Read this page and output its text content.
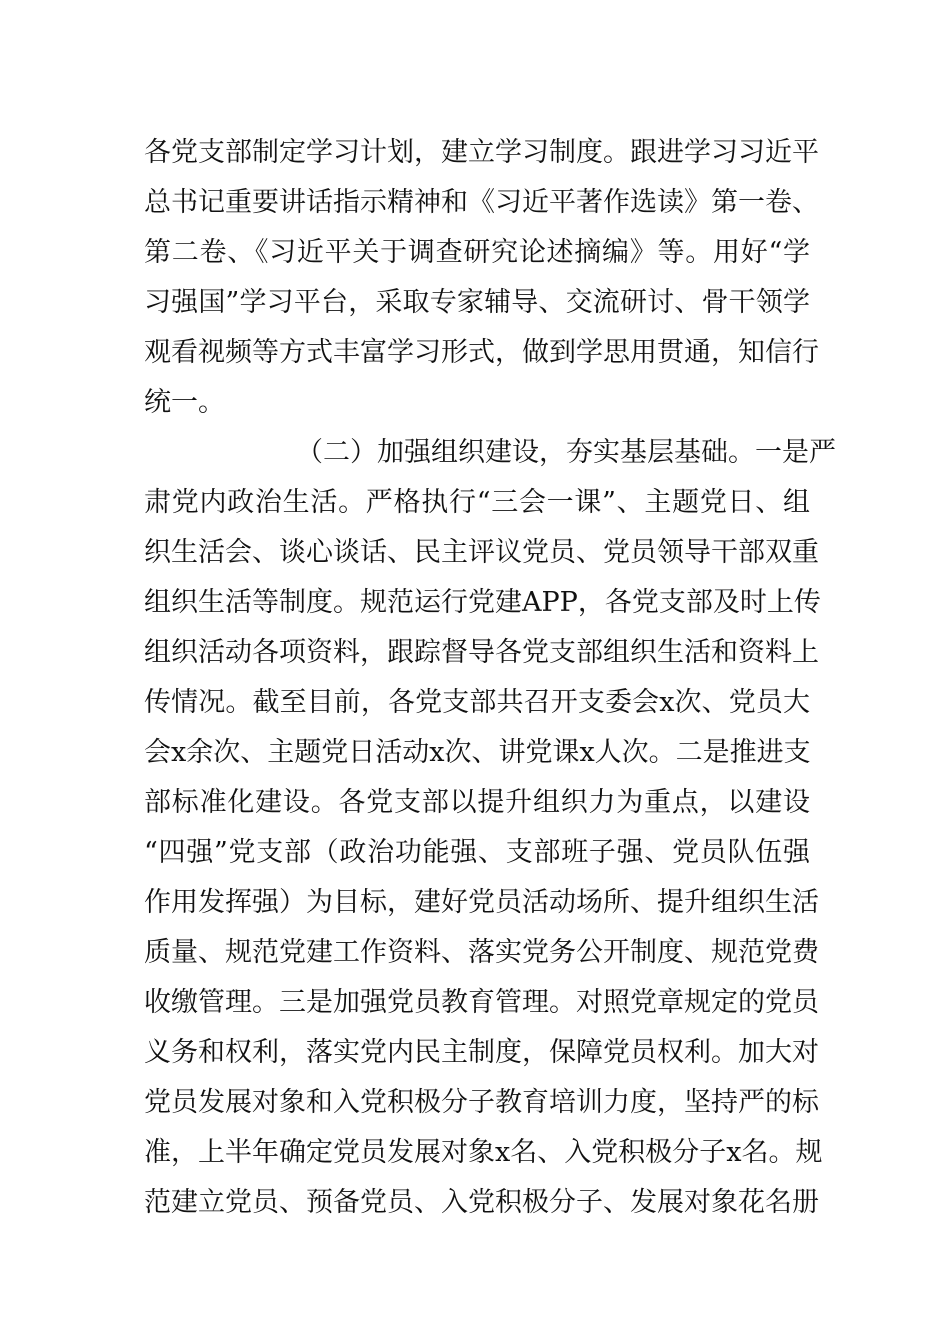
各党支部制定学习计划，建立学习制度。跟进学习习近平
总书记重要讲话指示精神和《习近平著作选读》第一卷、
第二卷、《习近平关于调查研究论述摘编》等。用好“学
习强国”学习平台，采取专家辅导、交流研讨、骨干领学
观看视频等方式丰富学习形式，做到学思用贯通，知信行
统一。
（二）加强组织建设，夯实基层基础。一是严
肃党内政治生活。严格执行“三会一课”、主题党日、组
织生活会、谈心谈话、民主评议党员、党员领导干部双重
组织生活等制度。规范运行党建APP，各党支部及时上传
组织活动各项资料，跟踪督导各党支部组织生活和资料上
传情况。截至目前，各党支部共召开支委会x次、党员大
会x余次、主题党日活动x次、讲党课x人次。二是推进支
部标准化建设。各党支部以提升组织力为重点，以建设
“四强”党支部（政治功能强、支部班子强、党员队伍强
作用发挥强）为目标，建好党员活动场所、提升组织生活
质量、规范党建工作资料、落实党务公开制度、规范党费
收缴管理。三是加强党员教育管理。对照党章规定的党员
义务和权利，落实党内民主制度，保障党员权利。加大对
党员发展对象和入党积极分子教育培训力度，坚持严的标
准，上半年确定党员发展对象x名、入党积极分子x名。规
范建立党员、预备党员、入党积极分子、发展对象花名册
